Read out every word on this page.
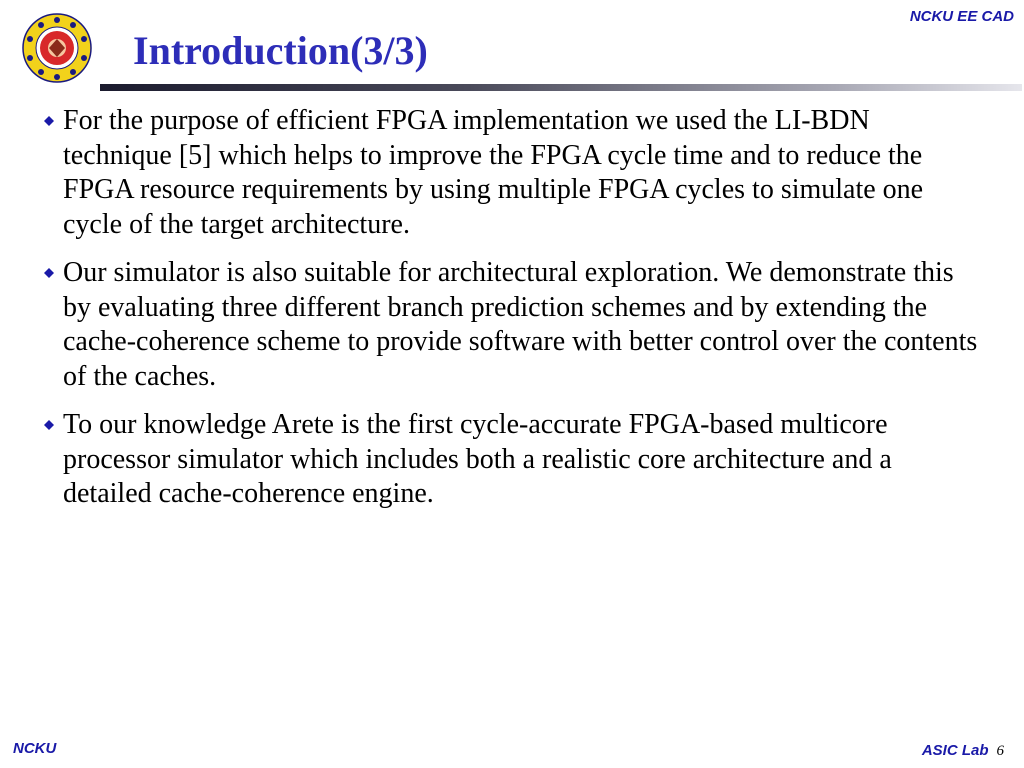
NCKU EE CAD
Introduction(3/3)
For the purpose of efficient FPGA implementation we used the LI-BDN technique [5] which helps to improve the FPGA cycle time and to reduce the FPGA resource requirements by using multiple FPGA cycles to simulate one cycle of the target architecture.
Our simulator is also suitable for architectural exploration. We demonstrate this by evaluating three different branch prediction schemes and by extending the cache-coherence scheme to provide software with better control over the contents of the caches.
To our knowledge Arete is the first cycle-accurate FPGA-based multicore processor simulator which includes both a realistic core architecture and a detailed cache-coherence engine.
NCKU	ASIC Lab 6
